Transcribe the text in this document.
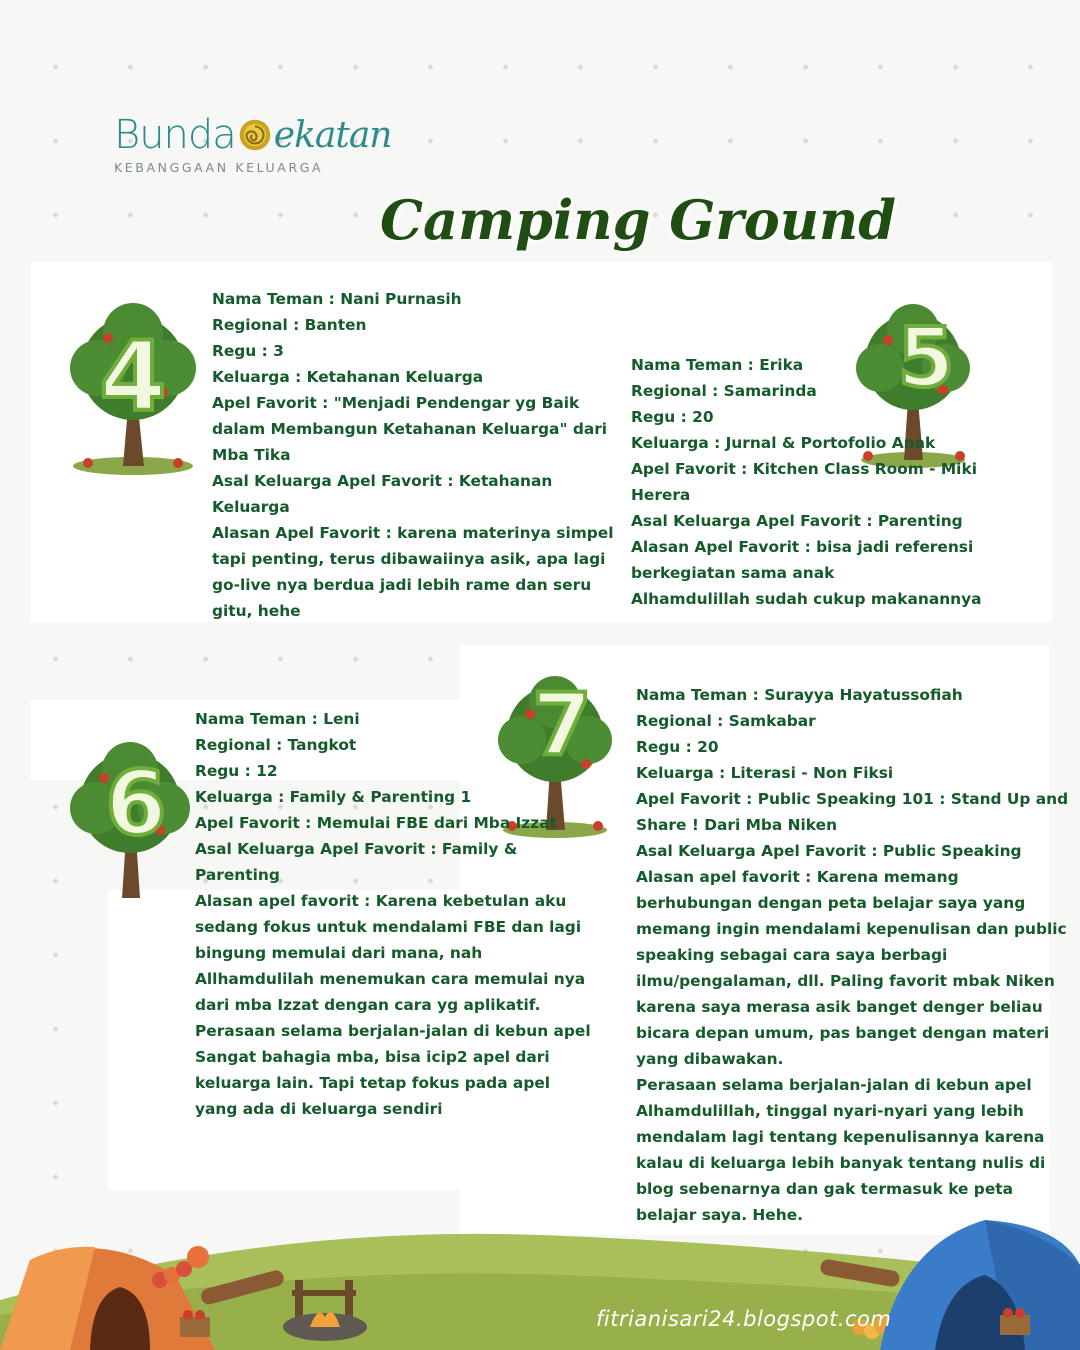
Bunda ekatan
KEBANGGAAN KELUARGA
Camping Ground
4	5
6
7
Nama Teman : Nani Purnasih
Regional : Banten
Regu : 3
Keluarga : Ketahanan Keluarga
Apel Favorit : "Menjadi Pendengar yg Baik
dalam Membangun Ketahanan Keluarga" dari
Mba Tika
Asal Keluarga Apel Favorit : Ketahanan
Keluarga
Alasan Apel Favorit : karena materinya simpel
tapi penting, terus dibawaiinya asik, apa lagi
go-live nya berdua jadi lebih rame dan seru
gitu, hehe
Nama Teman : Erika
Regional : Samarinda
Regu : 20
Keluarga : Jurnal & Portofolio Anak
Apel Favorit : Kitchen Class Room - Miki
Herera
Asal Keluarga Apel Favorit : Parenting
Alasan Apel Favorit : bisa jadi referensi
berkegiatan sama anak
Alhamdulillah sudah cukup makanannya
Nama Teman : Leni
Regional : Tangkot
Regu : 12
Keluarga : Family & Parenting 1
Apel Favorit : Memulai FBE dari Mba Izzat
Asal Keluarga Apel Favorit : Family &
Parenting
Alasan apel favorit : Karena kebetulan aku
sedang fokus untuk mendalami FBE dan lagi
bingung memulai dari mana, nah
Allhamdulilah menemukan cara memulai nya
dari mba Izzat dengan cara yg aplikatif.
Perasaan selama berjalan-jalan di kebun apel
Sangat bahagia mba, bisa icip2 apel dari
keluarga lain. Tapi tetap fokus pada apel
yang ada di keluarga sendiri
Nama Teman : Surayya Hayatussofiah
Regional : Samkabar
Regu : 20
Keluarga : Literasi - Non Fiksi
Apel Favorit : Public Speaking 101 : Stand Up and
Share ! Dari Mba Niken
Asal Keluarga Apel Favorit : Public Speaking
Alasan apel favorit : Karena memang
berhubungan dengan peta belajar saya yang
memang ingin mendalami kepenulisan dan public
speaking sebagai cara saya berbagi
ilmu/pengalaman, dll. Paling favorit mbak Niken
karena saya merasa asik banget denger beliau
bicara depan umum, pas banget dengan materi
yang dibawakan.
Perasaan selama berjalan-jalan di kebun apel
Alhamdulillah, tinggal nyari-nyari yang lebih
mendalam lagi tentang kepenulisannya karena
kalau di keluarga lebih banyak tentang nulis di
blog sebenarnya dan gak termasuk ke peta
belajar saya. Hehe.
fitrianisari24.blogspot.com
